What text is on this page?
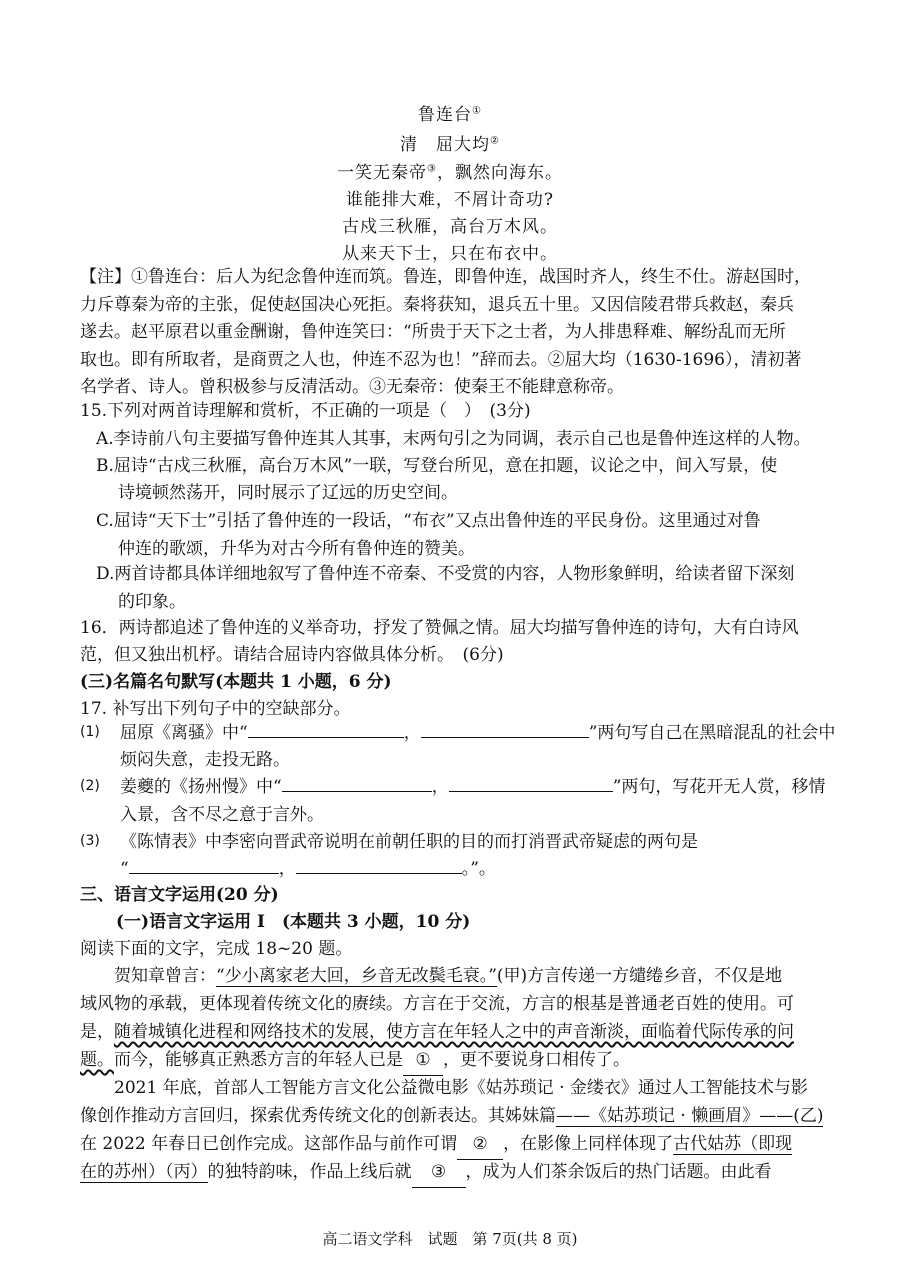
鲁连台①
清　屈大均②
一笑无秦帝③，飘然向海东。
谁能排大难，不屑计奇功?
古戍三秋雁，高台万木风。
从来天下士，只在布衣中。
【注】①鲁连台：后人为纪念鲁仲连而筑。鲁连，即鲁仲连，战国时齐人，终生不仕。游赵国时，
力斥尊秦为帝的主张，促使赵国决心死拒。秦将获知，退兵五十里。又因信陵君带兵救赵，秦兵
遂去。赵平原君以重金酬谢，鲁仲连笑曰：“所贵于天下之士者，为人排患释难、解纷乱而无所
取也。即有所取者，是商贾之人也，仲连不忍为也！”辞而去。②屈大均（1630-1696），清初著
名学者、诗人。曾积极参与反清活动。③无秦帝：使秦王不能肆意称帝。
15.下列对两首诗理解和赏析，不正确的一项是（　）　(3分)
A.李诗前八句主要描写鲁仲连其人其事，末两句引之为同调，表示自己也是鲁仲连这样的人物。
B.屈诗“古戍三秋雁，高台万木风”一联，写登台所见，意在扣题，议论之中，间入写景，使
诗境顿然荡开，同时展示了辽远的历史空间。
C.屈诗“天下士”引括了鲁仲连的一段话，“布衣”又点出鲁仲连的平民身份。这里通过对鲁
仲连的歌颂，升华为对古今所有鲁仲连的赞美。
D.两首诗都具体详细地叙写了鲁仲连不帝秦、不受赏的内容，人物形象鲜明，给读者留下深刻
的印象。
16．两诗都追述了鲁仲连的义举奇功，抒发了赞佩之情。屈大均描写鲁仲连的诗句，大有白诗风
范，但又独出机杼。请结合屈诗内容做具体分析。　(6分)
(三)名篇名句默写(本题共 1 小题，6 分)
17. 补写出下列句子中的空缺部分。
(1) 屈原《离骚》中“	，	”两句写自己在黑暗混乱的社会中
烦闷失意，走投无路。
(2) 姜夔的《扬州慢》中“	，	”两句，写花开无人赏，移情
入景，含不尽之意于言外。
(3) 《陈情表》中李密向晋武帝说明在前朝任职的目的而打消晋武帝疑虑的两句是
“	，	。”。
三、语言文字运用(20 分)
(一)语言文字运用 I　(本题共 3 小题，10 分)
阅读下面的文字，完成 18~20 题。
贺知章曾言：“少小离家老大回，乡音无改鬓毛衰。”(甲)方言传递一方缱绻乡音，不仅是地
域风物的承载，更体现着传统文化的赓续。方言在于交流，方言的根基是普通老百姓的使用。可
是，随着城镇化进程和网络技术的发展，使方言在年轻人之中的声音渐淡，面临着代际传承的问
题。而今，能够真正熟悉方言的年轻人已是 ① ，更不要说身口相传了。
2021 年底，首部人工智能方言文化公益微电影《姑苏琐记 · 金缕衣》通过人工智能技术与影
像创作推动方言回归，探索优秀传统文化的创新表达。其姊妹篇——《姑苏琐记 · 懒画眉》——(乙)
在 2022 年春日已创作完成。这部作品与前作可谓 ② ，在影像上同样体现了古代姑苏（即现
在的苏州）（丙）的独特韵味，作品上线后就 ③ ，成为人们茶余饭后的热门话题。由此看
高二语文学科　试题　第 7页(共 8 页)
